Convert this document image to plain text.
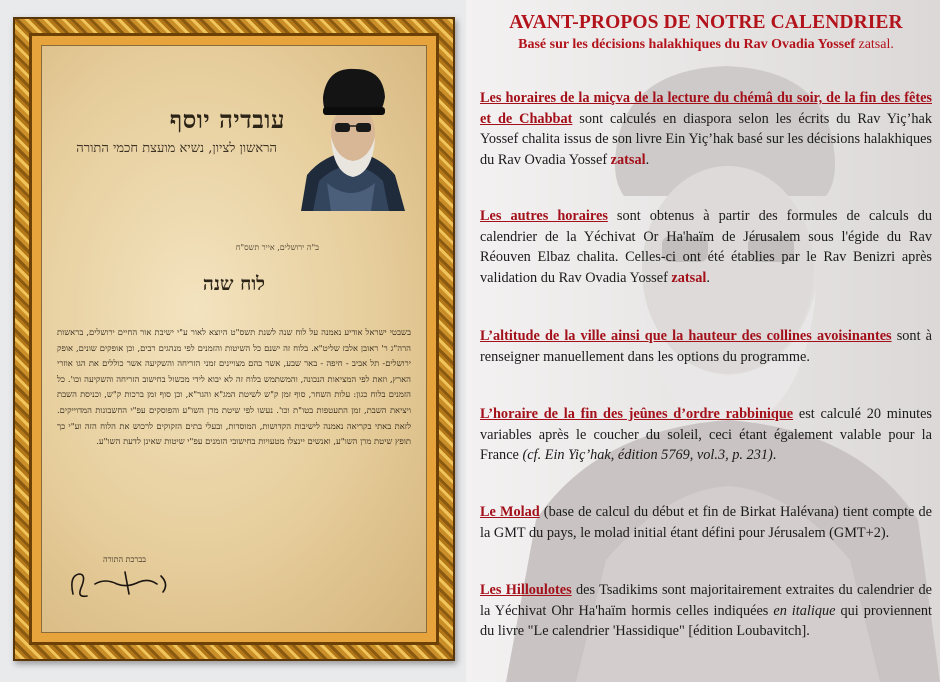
עובדיה יוסף
הראשון לציון, נשיא מועצת חכמי התורה
ב"ה ירושלים, אייר תשס"ח
לוח שנה
בשבטי ישראל אודיע נאמנה על לוח שנה לשנת תשס"ט היוצא לאור ע"י ישיבת אור החיים ירושלים, בראשות הרה"ג ר' ראובן אלבז שליט"א. בלוח זה ישנם כל השיטות והזמנים לפי מנהגים רבים, וכן אופקים שונים, אופק ירושלים- תל אביב - חיפה - באר שבע, אשר בהם מצויינים זמני הזריחה והשקיעה אשר כוללים את הגו אוזרי הארץ, וזאת לפי המציאות הנכונה, והמשתמש בלוח זה לא יבוא לידי מכשול בחישוב הזריחה והשקיעה וכו'. כל הזמנים בלוח כגון: עלות השחר, סוף זמן ק"ש לשיטת המג"א והגר"א, וכן סוף זמן ברכות ק"ש, וכניסת השבת ויציאת השבת, זמן התעטפות בטו"ת וכו'. נעשו לפי שיטת מרן השו"ע והפוסקים עפ"י החשבונות המדוייקים. לזאת באתי בקריאה נאמנה לישיבות הקדושות, המוסדות, ובעלי בתים הזקוקים לרכוש את הלוח הזה וע"י כך תופץ שיטת מרן השו"ע, ואנשים יינצלו מטעויות בחישובי הזמנים עפ"י שיטות שאינן לדעת השו"ע.
בברכת התורה
AVANT-PROPOS DE NOTRE CALENDRIER

Basé sur les décisions halakhiques du Rav Ovadia Yossef zatsal.

Les horaires de la miçva de la lecture du chémâ du soir, de la fin des fêtes et de Chabbat sont calculés en diaspora selon les écrits du Rav Yiç’hak Yossef chalita issus de son livre Ein Yiç’hak basé sur les décisions halakhiques du Rav Ovadia Yossef zatsal.

Les autres horaires sont obtenus à partir des formules de calculs du calendrier de la Yéchivat Or Ha'haïm de Jérusalem sous l'égide du Rav Réouven Elbaz chalita. Celles-ci ont été établies par le Rav Benizri après validation du Rav Ovadia Yossef zatsal.

L’altitude de la ville ainsi que la hauteur des collines avoisinantes sont à renseigner manuellement dans les options du programme.

L’horaire de la fin des jeûnes d’ordre rabbinique est calculé 20 minutes variables après le coucher du soleil, ceci étant également valable pour la France (cf. Ein Yiç’hak, édition 5769, vol.3, p. 231).

Le Molad (base de calcul du début et fin de Birkat Halévana) tient compte de la GMT du pays, le molad initial étant défini pour Jérusalem (GMT+2).

Les Hilloulotes des Tsadikims sont majoritairement extraites du calendrier de la Yéchivat Ohr Ha'haïm hormis celles indiquées en italique qui proviennent du livre "Le calendrier 'Hassidique" [édition Loubavitch].
